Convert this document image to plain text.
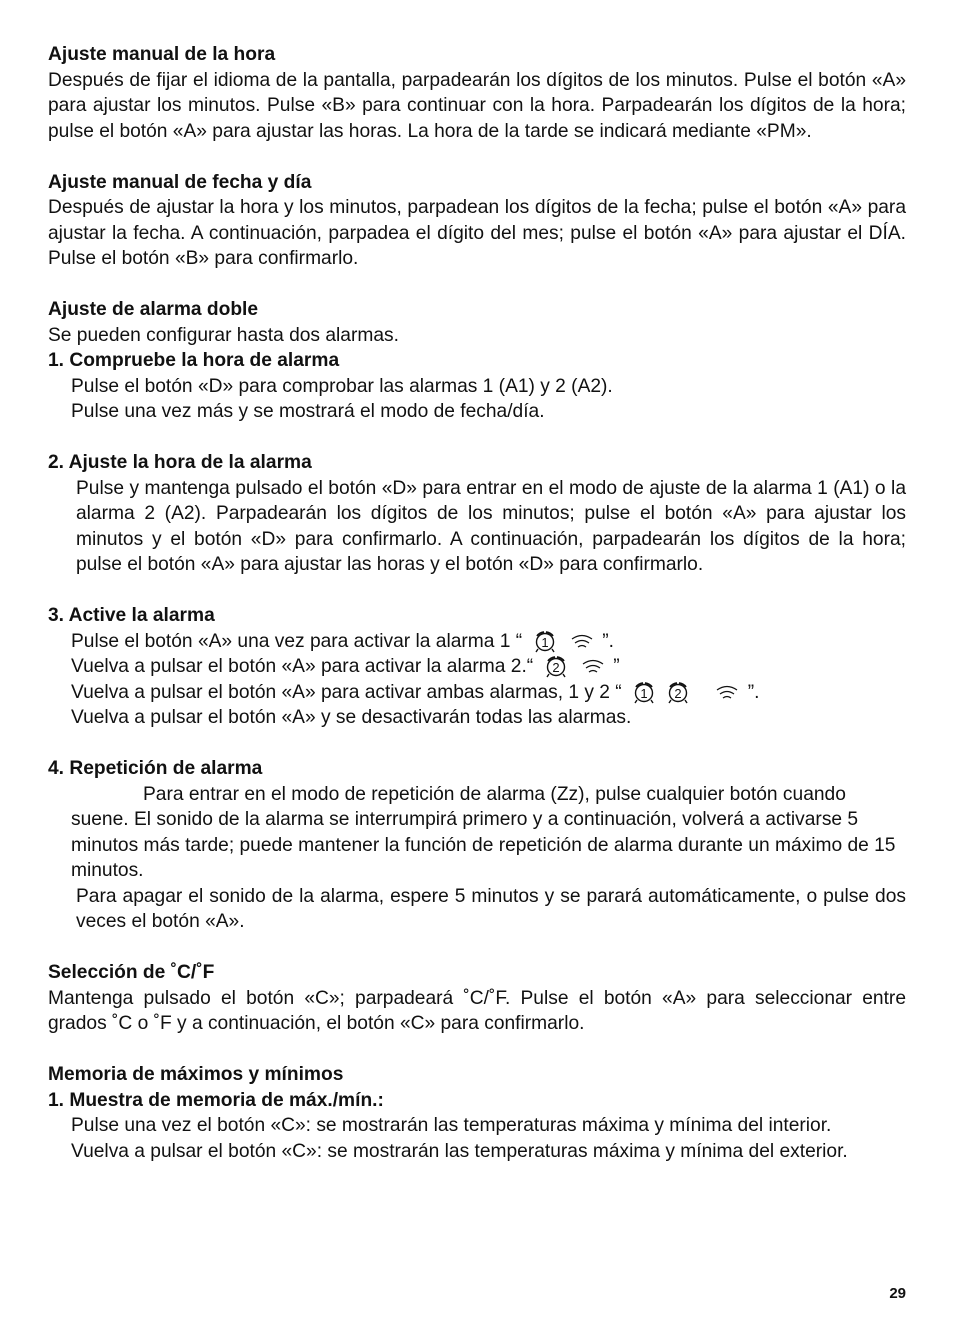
Ajuste manual de la hora
Después de fijar el idioma de la pantalla, parpadearán los dígitos de los minutos. Pulse el botón «A» para ajustar los minutos. Pulse «B» para continuar con la hora. Parpadearán los dígitos de la hora; pulse el botón «A» para ajustar las horas. La hora de la tarde se indicará mediante «PM».
Ajuste manual de fecha y día
Después de ajustar la hora y los minutos, parpadean los dígitos de la fecha; pulse el botón «A» para ajustar la fecha. A continuación, parpadea el dígito del mes; pulse el botón «A» para ajustar el DÍA. Pulse el botón «B» para confirmarlo.
Ajuste de alarma doble
Se pueden configurar hasta dos alarmas.
1. Compruebe la hora de alarma
Pulse el botón «D» para comprobar las alarmas 1 (A1) y 2 (A2).
Pulse una vez más y se mostrará el modo de fecha/día.
2. Ajuste la hora de la alarma
Pulse y mantenga pulsado el botón «D» para entrar en el modo de ajuste de la alarma 1 (A1) o la alarma 2 (A2). Parpadearán los dígitos de los minutos; pulse el botón «A» para ajustar los minutos y el botón «D» para confirmarlo. A continuación, parpadearán los dígitos de la hora; pulse el botón «A» para ajustar las horas y el botón «D» para confirmarlo.
3. Active la alarma
Pulse el botón «A» una vez para activar la alarma 1 “ 1	”.
Vuelva a pulsar el botón «A» para activar la alarma 2.“ 2	”
Vuelva a pulsar el botón «A» para activar ambas alarmas, 1 y 2 “ 1 2	”.
Vuelva a pulsar el botón «A» y se desactivarán todas las alarmas.
4. Repetición de alarma
Para entrar en el modo de repetición de alarma (Zz), pulse cualquier botón cuando suene. El sonido de la alarma se interrumpirá primero y a continuación, volverá a activarse 5 minutos más tarde; puede mantener la función de repetición de alarma durante un máximo de 15 minutos.
Para apagar el sonido de la alarma, espere 5 minutos y se parará automáticamente, o pulse dos veces el botón «A».
Selección de ˚C/˚F
Mantenga pulsado el botón «C»; parpadeará ˚C/˚F. Pulse el botón «A» para seleccionar entre grados ˚C o ˚F y a continuación, el botón «C» para confirmarlo.
Memoria de máximos y mínimos
1. Muestra de memoria de máx./mín.:
Pulse una vez el botón «C»: se mostrarán las temperaturas máxima y mínima del interior.
Vuelva a pulsar el botón «C»: se mostrarán las temperaturas máxima y mínima del exterior.
29
